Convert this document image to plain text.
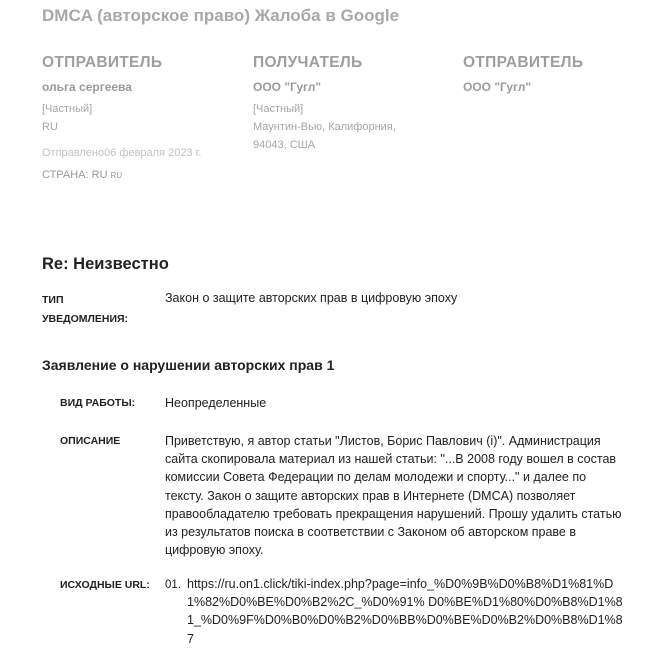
DMCA (авторское право) Жалоба в Google
ОТПРАВИТЕЛЬ
ольга сергеева
[Частный]
RU
Отправлено06 февраля 2023 г.
СТРАНА: RU RU
ПОЛУЧАТЕЛЬ
ООО "Гугл"
[Частный]
Маунтин-Вью, Калифорния,
94043, США
ОТПРАВИТЕЛЬ
ООО "Гугл"
Re: Неизвестно
ТИП УВЕДОМЛЕНИЯ:
Закон о защите авторских прав в цифровую эпоху
Заявление о нарушении авторских прав 1
ВИД РАБОТЫ:	Неопределенные
ОПИСАНИЕ	Приветствую, я автор статьи "Листов, Борис Павлович (i)". Администрация сайта скопировала материал из нашей статьи: "...В 2008 году вошел в состав комиссии Совета Федерации по делам молодежи и спорту..." и далее по тексту. Закон о защите авторских прав в Интернете (DMCA) позволяет правообладателю требовать прекращения нарушений. Прошу удалить статью из результатов поиска в соответствии с Законом об авторском праве в цифровую эпоху.
ИСХОДНЫЕ URL:	01. https://ru.on1.click/tiki-index.php?page=info_%D0%9B%D0%B8%D1%81%D1%82%D0%BE%D0%B2%2C_%D0%91% D0%BE%D1%80%D0%B8%D1%81_%D0%9F%D0%B0%D0%B2%D0%BB%D0%BE%D0%B2%D0%B8%D1%87
